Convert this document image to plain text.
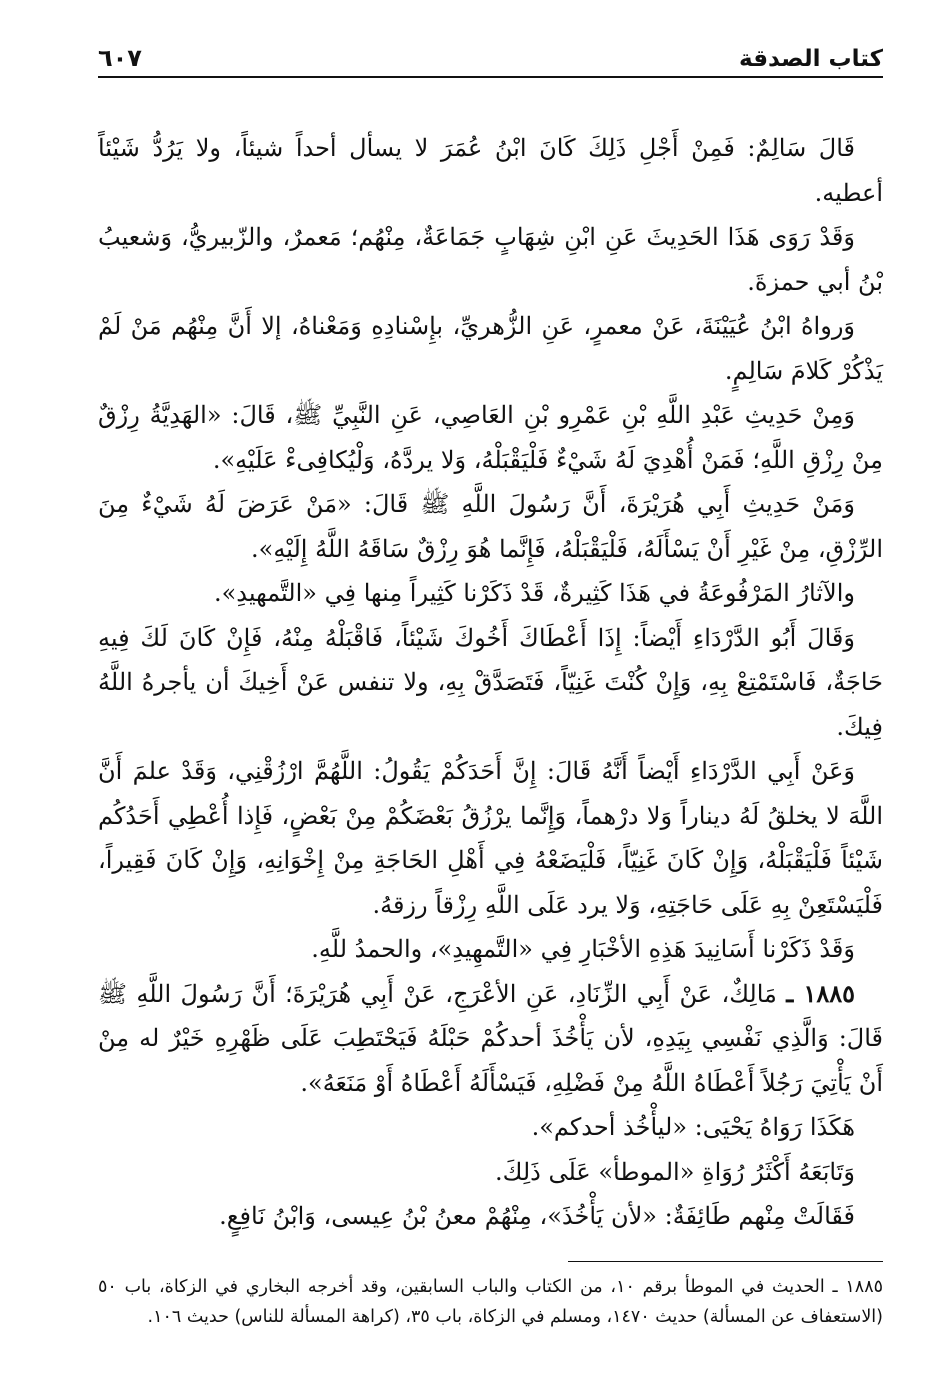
كتاب الصدقة
٦٠٧

قَالَ سَالِمٌ: فَمِنْ أَجْلِ ذَلِكَ كَانَ ابْنُ عُمَرَ لا يسأل أحداً شيئاً، ولا يَرُدُّ شَيْئاً أعطيه.

وَقَدْ رَوَى هَذَا الحَدِيثَ عَنِ ابْنِ شِهَابٍ جَمَاعَةٌ، مِنْهُم؛ مَعمرٌ، والزّبيريُّ، وَشعيبُ بْنُ أبي حمزةَ.

وَرواهُ ابْنُ عُيَيْنَةَ، عَنْ معمرٍ، عَنِ الزُّهريِّ، بإِسْنادِهِ وَمَعْناهُ، إلا أَنَّ مِنْهُم مَنْ لَمْ يَذْكُرْ كَلامَ سَالِمٍ.

وَمِنْ حَدِيثِ عَبْدِ اللَّهِ بْنِ عَمْرِو بْنِ العَاصِي، عَنِ النَّبِيِّ ﷺ، قَالَ: «الهَدِيَّةُ رِزْقٌ مِنْ رِزْقِ اللَّهِ؛ فَمَنْ أُهْدِيَ لَهُ شَيْءٌ فَلْيَقْبَلْهُ، وَلا يردَّهُ، وَلْيُكافِىءْ عَلَيْهِ».

وَمَنْ حَدِيثِ أَبِي هُرَيْرَةَ، أَنَّ رَسُولَ اللَّهِ ﷺ قَالَ: «مَنْ عَرَضَ لَهُ شَيْءٌ مِنَ الرِّزْقِ، مِنْ غَيْرِ أَنْ يَسْأَلَهُ، فَلْيَقْبَلْهُ، فَإِنَّما هُوَ رِزْقٌ سَاقَهُ اللَّهُ إِلَيْهِ».

والآثارُ المَرْفُوعَةُ في هَذَا كَثِيرةٌ، قَدْ ذَكَرْنا كَثِيراً مِنها فِي «التَّمهيدِ».

وَقَالَ أَبُو الدَّرْدَاءِ أَيْضاً: إِذَا أَعْطَاكَ أَخُوكَ شَيْئاً، فَاقْبَلْهُ مِنْهُ، فَإِنْ كَانَ لَكَ فِيهِ حَاجَةٌ، فَاسْتَمْتِعْ بِهِ، وَإِنْ كُنْتَ غَنِيّاً، فَتَصَدَّقْ بِهِ، ولا تنفس عَنْ أَخِيكَ أن يأجرهُ اللَّهُ فِيكَ.

وَعَنْ أَبِي الدَّرْدَاءِ أَيْضاً أَنَّهُ قَالَ: إِنَّ أَحَدَكُمْ يَقُولُ: اللَّهُمَّ ارْزُقْنِي، وَقَدْ علمَ أَنَّ اللَّهَ لا يخلقُ لَهُ ديناراً وَلا درْهماً، وَإِنَّما يرْزُقُ بَعْضَكُمْ مِنْ بَعْضٍ، فَإِذا أُعْطِي أَحَدُكُم شَيْئاً فَلْيَقْبَلْهُ، وَإِنْ كَانَ غَنِيّاً، فَلْيَضَعْهُ فِي أَهْلِ الحَاجَةِ مِنْ إِخْوَانِهِ، وَإِنْ كَانَ فَقِيراً، فَلْيَسْتَعِنْ بِهِ عَلَى حَاجَتِهِ، وَلا يرد عَلَى اللَّهِ رِزْقاً رزقهُ.

وَقَدْ ذَكَرْنا أَسَانِيدَ هَذِهِ الأخْبَارِ فِي «التَّمهِيدِ»، والحمدُ للَّهِ.

١٨٨٥ ـ مَالِكٌ، عَنْ أَبِي الزِّنَادِ، عَنِ الأعْرَجِ، عَنْ أَبِي هُرَيْرَةَ؛ أَنَّ رَسُولَ اللَّهِ ﷺ قَالَ: وَالَّذِي نَفْسِي بِيَدِهِ، لأن يَأْخُذَ أحدكُمْ حَبْلَهُ فَيَحْتَطِبَ عَلَى ظَهْرِهِ خَيْرٌ له مِنْ أَنْ يَأْتِيَ رَجُلاً أَعْطَاهُ اللَّهُ مِنْ فَضْلِهِ، فَيَسْأَلَهُ أَعْطَاهُ أَوْ مَنَعَهُ».

هَكَذَا رَوَاهُ يَحْيَى: «ليأْخُذ أحدكم».

وَتَابَعَهُ أَكْثَرُ رُوَاةِ «الموطأ» عَلَى ذَلِكَ.

فَقَالَتْ مِنْهم طَائِفَةٌ: «لأن يَأْخُذَ»، مِنْهُمْ معنُ بْنُ عِيسى، وَابْنُ نَافِعٍ.

١٨٨٥ ـ الحديث في الموطأ برقم ١٠، من الكتاب والباب السابقين، وقد أخرجه البخاري في الزكاة، باب ٥٠ (الاستعفاف عن المسألة) حديث ١٤٧٠، ومسلم في الزكاة، باب ٣٥، (كراهة المسألة للناس) حديث ١٠٦.
